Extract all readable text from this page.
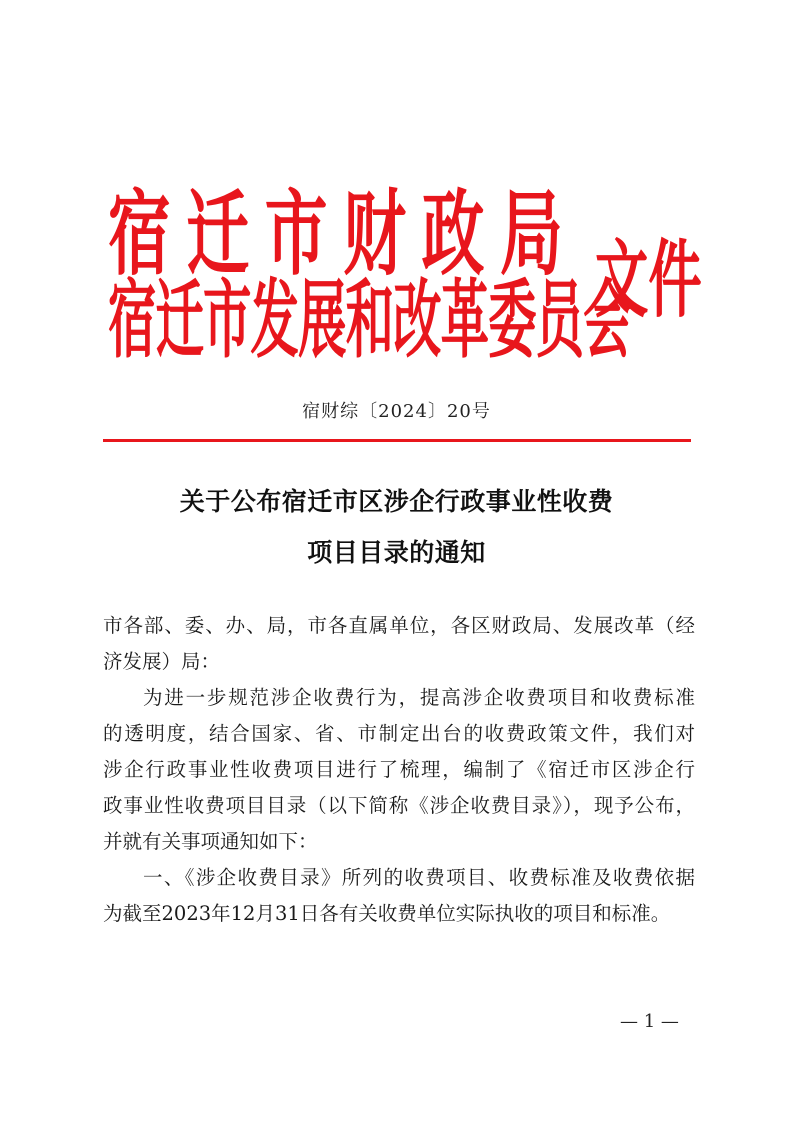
宿迁市财政局
宿迁市发展和改革委员会
文件
宿财综〔2024〕20号
关于公布宿迁市区涉企行政事业性收费
项目目录的通知
市各部、委、办、局，市各直属单位，各区财政局、发展改革（经
济发展）局：
为进一步规范涉企收费行为，提高涉企收费项目和收费标准
的透明度，结合国家、省、市制定出台的收费政策文件，我们对
涉企行政事业性收费项目进行了梳理，编制了《宿迁市区涉企行
政事业性收费项目目录（以下简称《涉企收费目录》），现予公布，
并就有关事项通知如下：
一、《涉企收费目录》所列的收费项目、收费标准及收费依据
为截至2023年12月31日各有关收费单位实际执收的项目和标准。
— 1 —
